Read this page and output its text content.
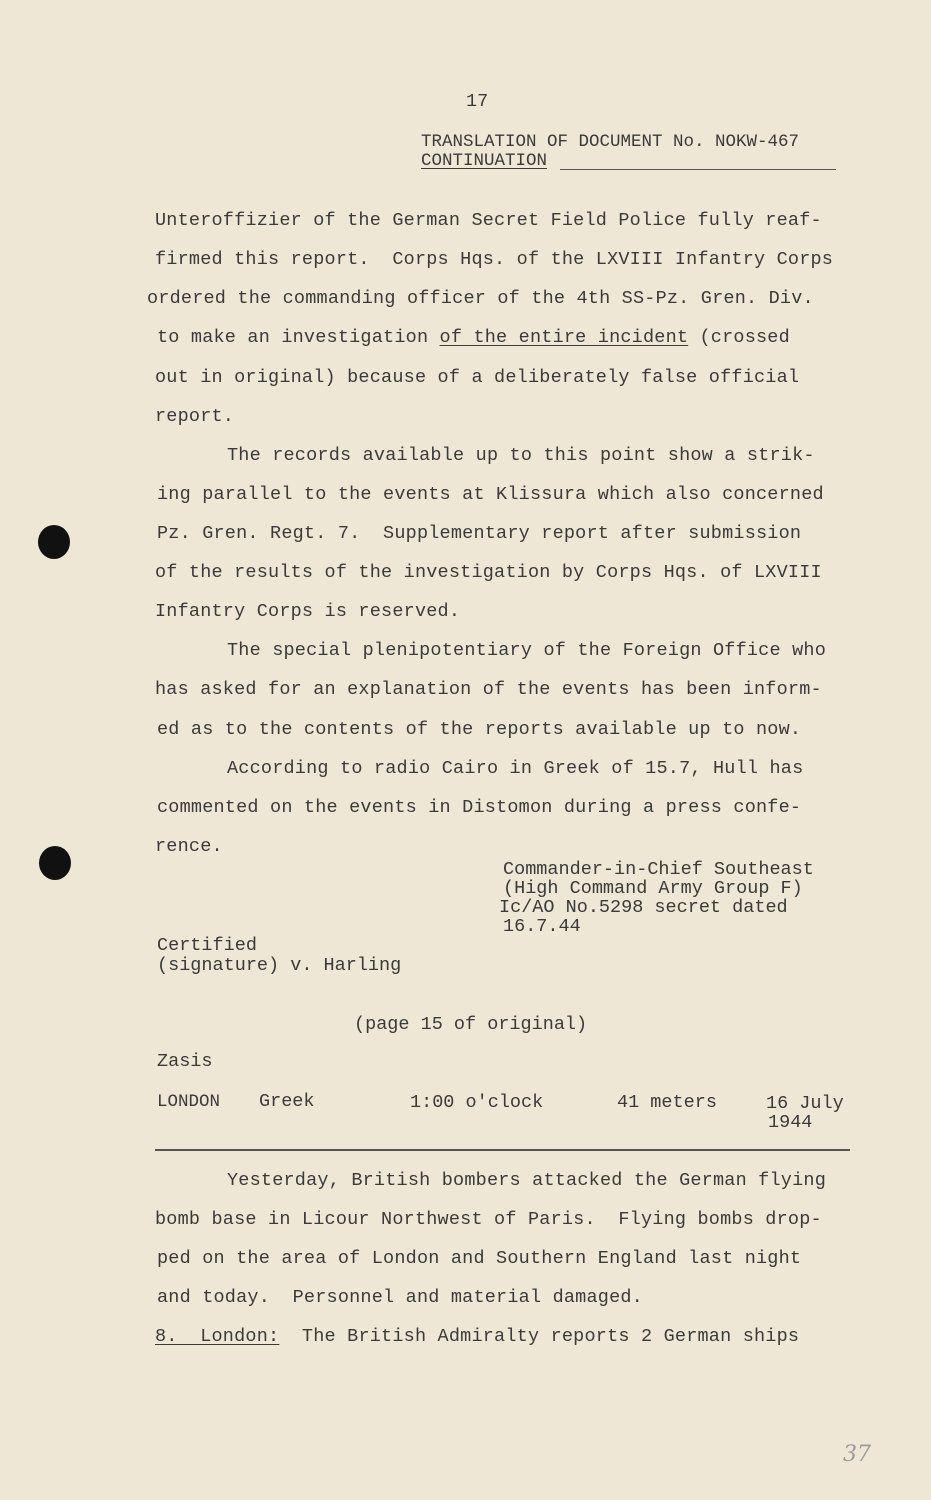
17
TRANSLATION OF DOCUMENT No. NOKW-467
CONTINUATION
Unteroffizier of the German Secret Field Police fully reaf-
firmed this report.  Corps Hqs. of the LXVIII Infantry Corps
ordered the commanding officer of the 4th SS-Pz. Gren. Div.
to make an investigation of the entire incident (crossed
out in original) because of a deliberately false official
report.
The records available up to this point show a strik-
ing parallel to the events at Klissura which also concerned
Pz. Gren. Regt. 7.  Supplementary report after submission
of the results of the investigation by Corps Hqs. of LXVIII
Infantry Corps is reserved.
The special plenipotentiary of the Foreign Office who
has asked for an explanation of the events has been inform-
ed as to the contents of the reports available up to now.
According to radio Cairo in Greek of 15.7, Hull has
commented on the events in Distomon during a press confe-
rence.
Commander-in-Chief Southeast
(High Command Army Group F)
Ic/AO No.5298 secret dated
16.7.44
Certified
(signature) v. Harling
(page 15 of original)
Zasis
LONDON Greek	1:00 o'clock	41 meters	16 July
1944
Yesterday, British bombers attacked the German flying
bomb base in Licour Northwest of Paris.  Flying bombs drop-
ped on the area of London and Southern England last night
and today.  Personnel and material damaged.
8.  London:  The British Admiralty reports 2 German ships
37
